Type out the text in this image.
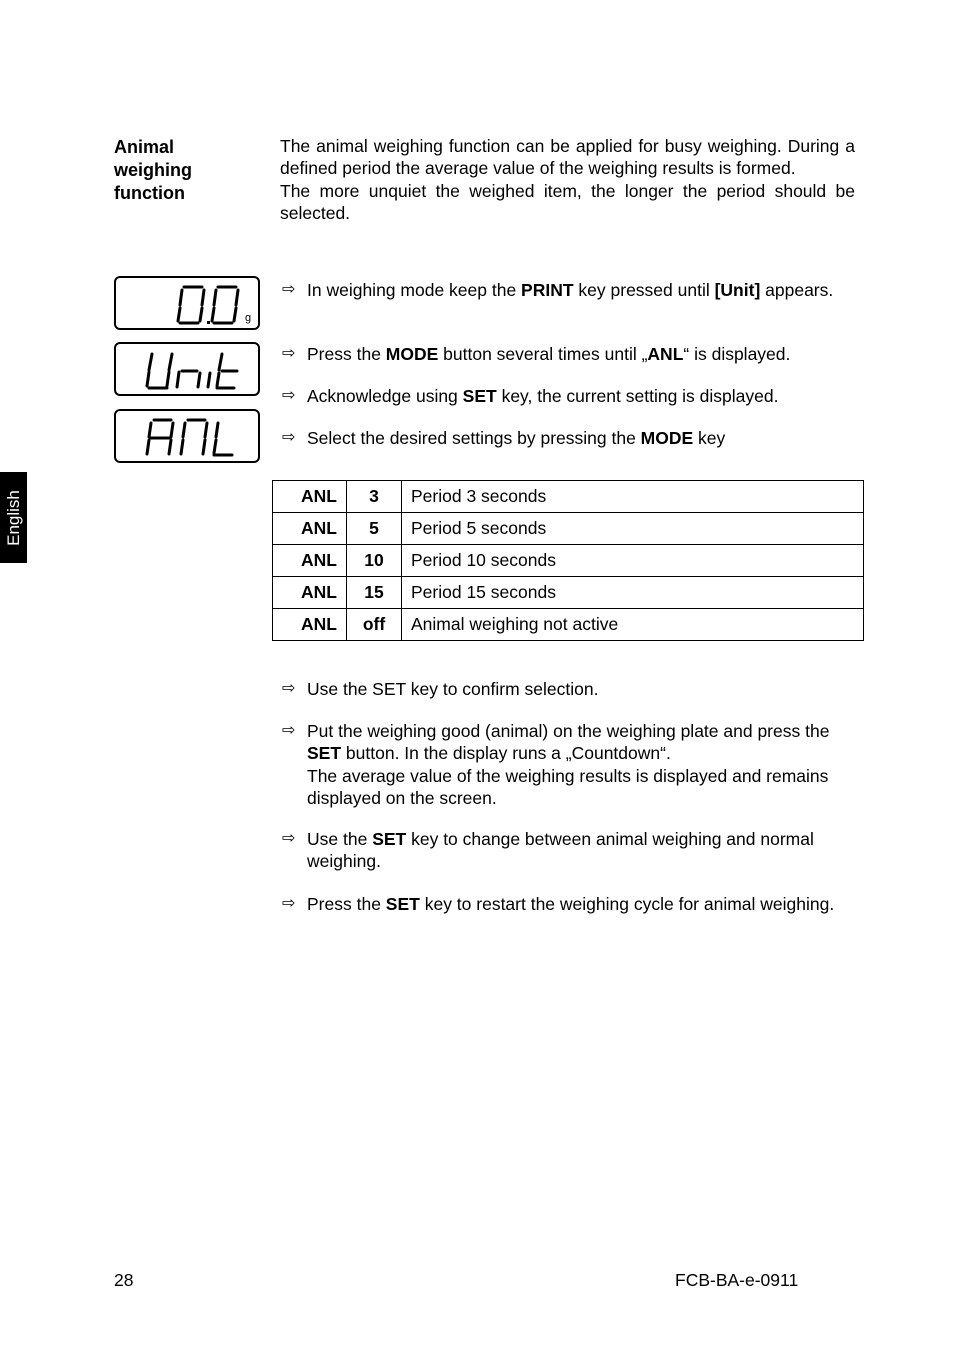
Animal
weighing
function

The animal weighing function can be applied for busy weighing. During a defined period the average value of the weighing results is formed.

The more unquiet the weighed item, the longer the period should be selected.

g
⇨ In weighing mode keep the PRINT key pressed until [Unit] appears.
⇨ Press the MODE button several times until „ANL“ is displayed.
⇨ Acknowledge using SET key, the current setting is displayed.
⇨ Select the desired settings by pressing the MODE key
ANL	3	Period 3 seconds
ANL	5	Period 5 seconds
ANL	10	Period 10 seconds
ANL	15	Period 15 seconds
ANL	off	Animal weighing not active
⇨ Use the SET key to confirm selection.
⇨ Put the weighing good (animal) on the weighing plate and press the SET button. In the display runs a „Countdown“.
The average value of the weighing results is displayed and remains displayed on the screen.
⇨ Use the SET key to change between animal weighing and normal weighing.
⇨ Press the SET key to restart the weighing cycle for animal weighing.
English
28	FCB-BA-e-0911
